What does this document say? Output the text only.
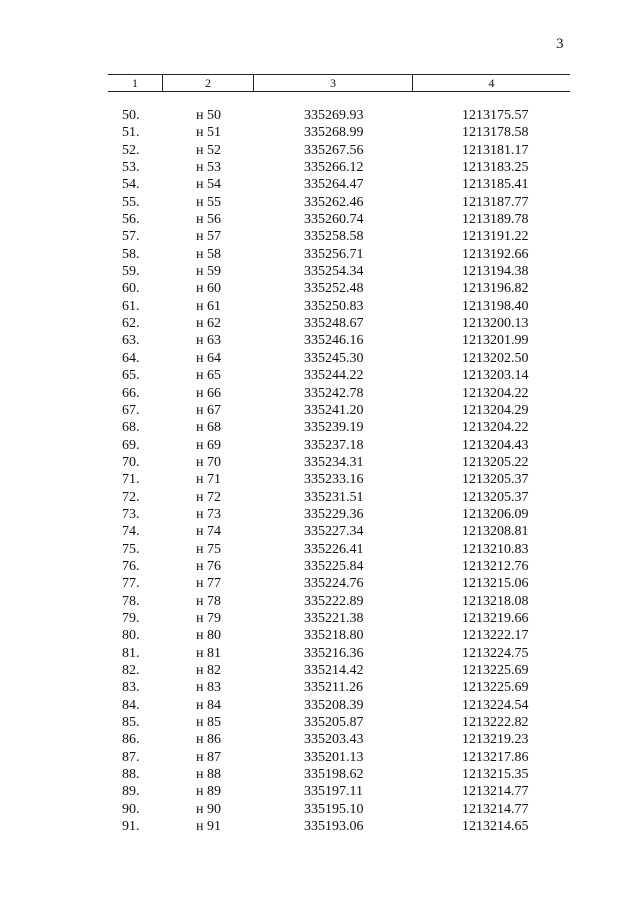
3
1	2	3	4
50.	н 50	335269.93	1213175.57
51.	н 51	335268.99	1213178.58
52.	н 52	335267.56	1213181.17
53.	н 53	335266.12	1213183.25
54.	н 54	335264.47	1213185.41
55.	н 55	335262.46	1213187.77
56.	н 56	335260.74	1213189.78
57.	н 57	335258.58	1213191.22
58.	н 58	335256.71	1213192.66
59.	н 59	335254.34	1213194.38
60.	н 60	335252.48	1213196.82
61.	н 61	335250.83	1213198.40
62.	н 62	335248.67	1213200.13
63.	н 63	335246.16	1213201.99
64.	н 64	335245.30	1213202.50
65.	н 65	335244.22	1213203.14
66.	н 66	335242.78	1213204.22
67.	н 67	335241.20	1213204.29
68.	н 68	335239.19	1213204.22
69.	н 69	335237.18	1213204.43
70.	н 70	335234.31	1213205.22
71.	н 71	335233.16	1213205.37
72.	н 72	335231.51	1213205.37
73.	н 73	335229.36	1213206.09
74.	н 74	335227.34	1213208.81
75.	н 75	335226.41	1213210.83
76.	н 76	335225.84	1213212.76
77.	н 77	335224.76	1213215.06
78.	н 78	335222.89	1213218.08
79.	н 79	335221.38	1213219.66
80.	н 80	335218.80	1213222.17
81.	н 81	335216.36	1213224.75
82.	н 82	335214.42	1213225.69
83.	н 83	335211.26	1213225.69
84.	н 84	335208.39	1213224.54
85.	н 85	335205.87	1213222.82
86.	н 86	335203.43	1213219.23
87.	н 87	335201.13	1213217.86
88.	н 88	335198.62	1213215.35
89.	н 89	335197.11	1213214.77
90.	н 90	335195.10	1213214.77
91.	н 91	335193.06	1213214.65
